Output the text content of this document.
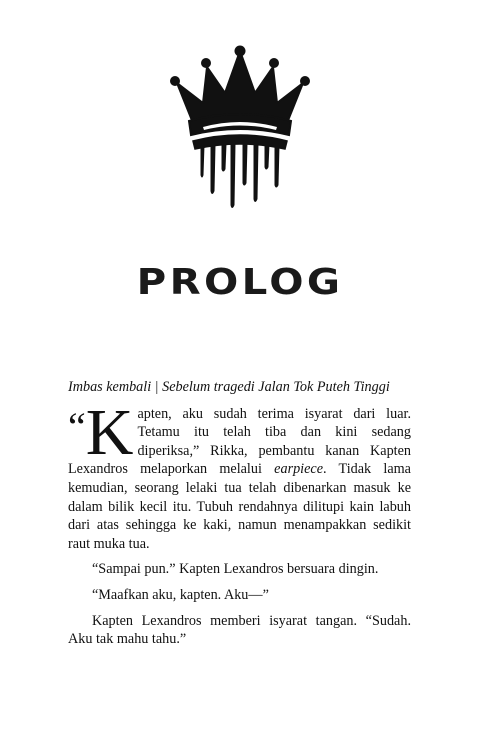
PROLOG

Imbas kembali | Sebelum tragedi Jalan Tok Puteh Tinggi

“ K apten, aku sudah terima isyarat dari luar. Tetamu itu telah tiba dan kini sedang diperiksa,” Rikka, pembantu kanan Kapten Lexandros melaporkan melalui earpiece. Tidak lama kemudian, seorang lelaki tua telah dibenarkan masuk ke dalam bilik kecil itu. Tubuh rendahnya dilitupi kain labuh dari atas sehingga ke kaki, namun menampakkan sedikit raut muka tua.

“Sampai pun.” Kapten Lexandros bersuara dingin.

“Maafkan aku, kapten. Aku—”

Kapten Lexandros memberi isyarat tangan. “Sudah. Aku tak mahu tahu.”
